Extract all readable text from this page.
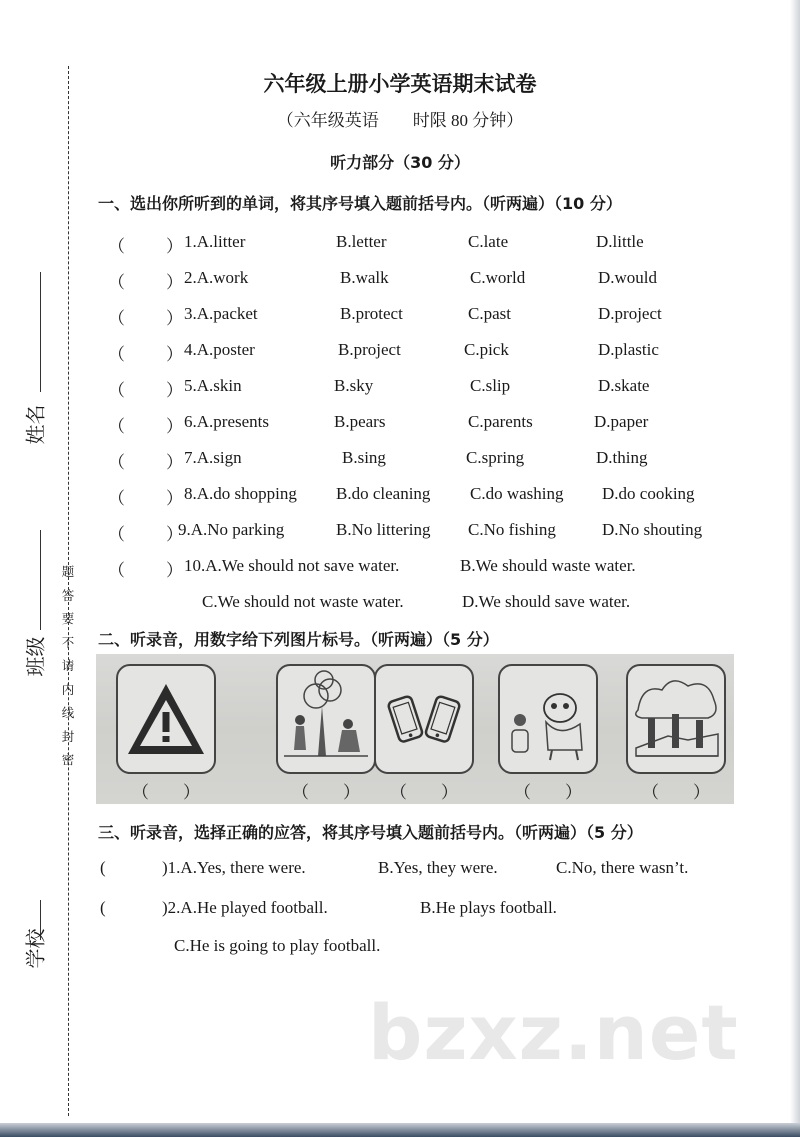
姓名
班级
学校
题
答
要
不
请
内
线
封
密
六年级上册小学英语期末试卷
（六年级英语　　时限 80 分钟）
听力部分（30 分）
一、选出你所听到的单词，将其序号填入题前括号内。（听两遍）（10 分）
（ ） 1.A.litter	B.letter	C.late	D.little
（ ） 2.A.work	B.walk	C.world	D.would
（ ） 3.A.packet	B.protect	C.past	D.project
（ ） 4.A.poster	B.project	C.pick	D.plastic
（ ） 5.A.skin	B.sky	C.slip	D.skate
（ ） 6.A.presents	B.pears	C.parents	D.paper
（ ） 7.A.sign	B.sing	C.spring	D.thing
（ ） 8.A.do shopping B.do cleaning C.do washing D.do cooking
（ ）
9.A.No parking	B.No littering C.No fishing	D.No shouting
（ ） 10.A.We should not save water.	B.We should waste water.
C.We should not waste water.	D.We should save water.
二、听录音，用数字给下列图片标号。（听两遍）（5 分）
（　　）	（　　） （　　）	（　　）	（　　）
三、听录音，选择正确的应答，将其序号填入题前括号内。（听两遍）（5 分）
(	)1.A.Yes, there were.	B.Yes, they were.	C.No, there wasn’t.
(	)2.A.He played football.	B.He plays football.
C.He is going to play football.
bzxz.net
